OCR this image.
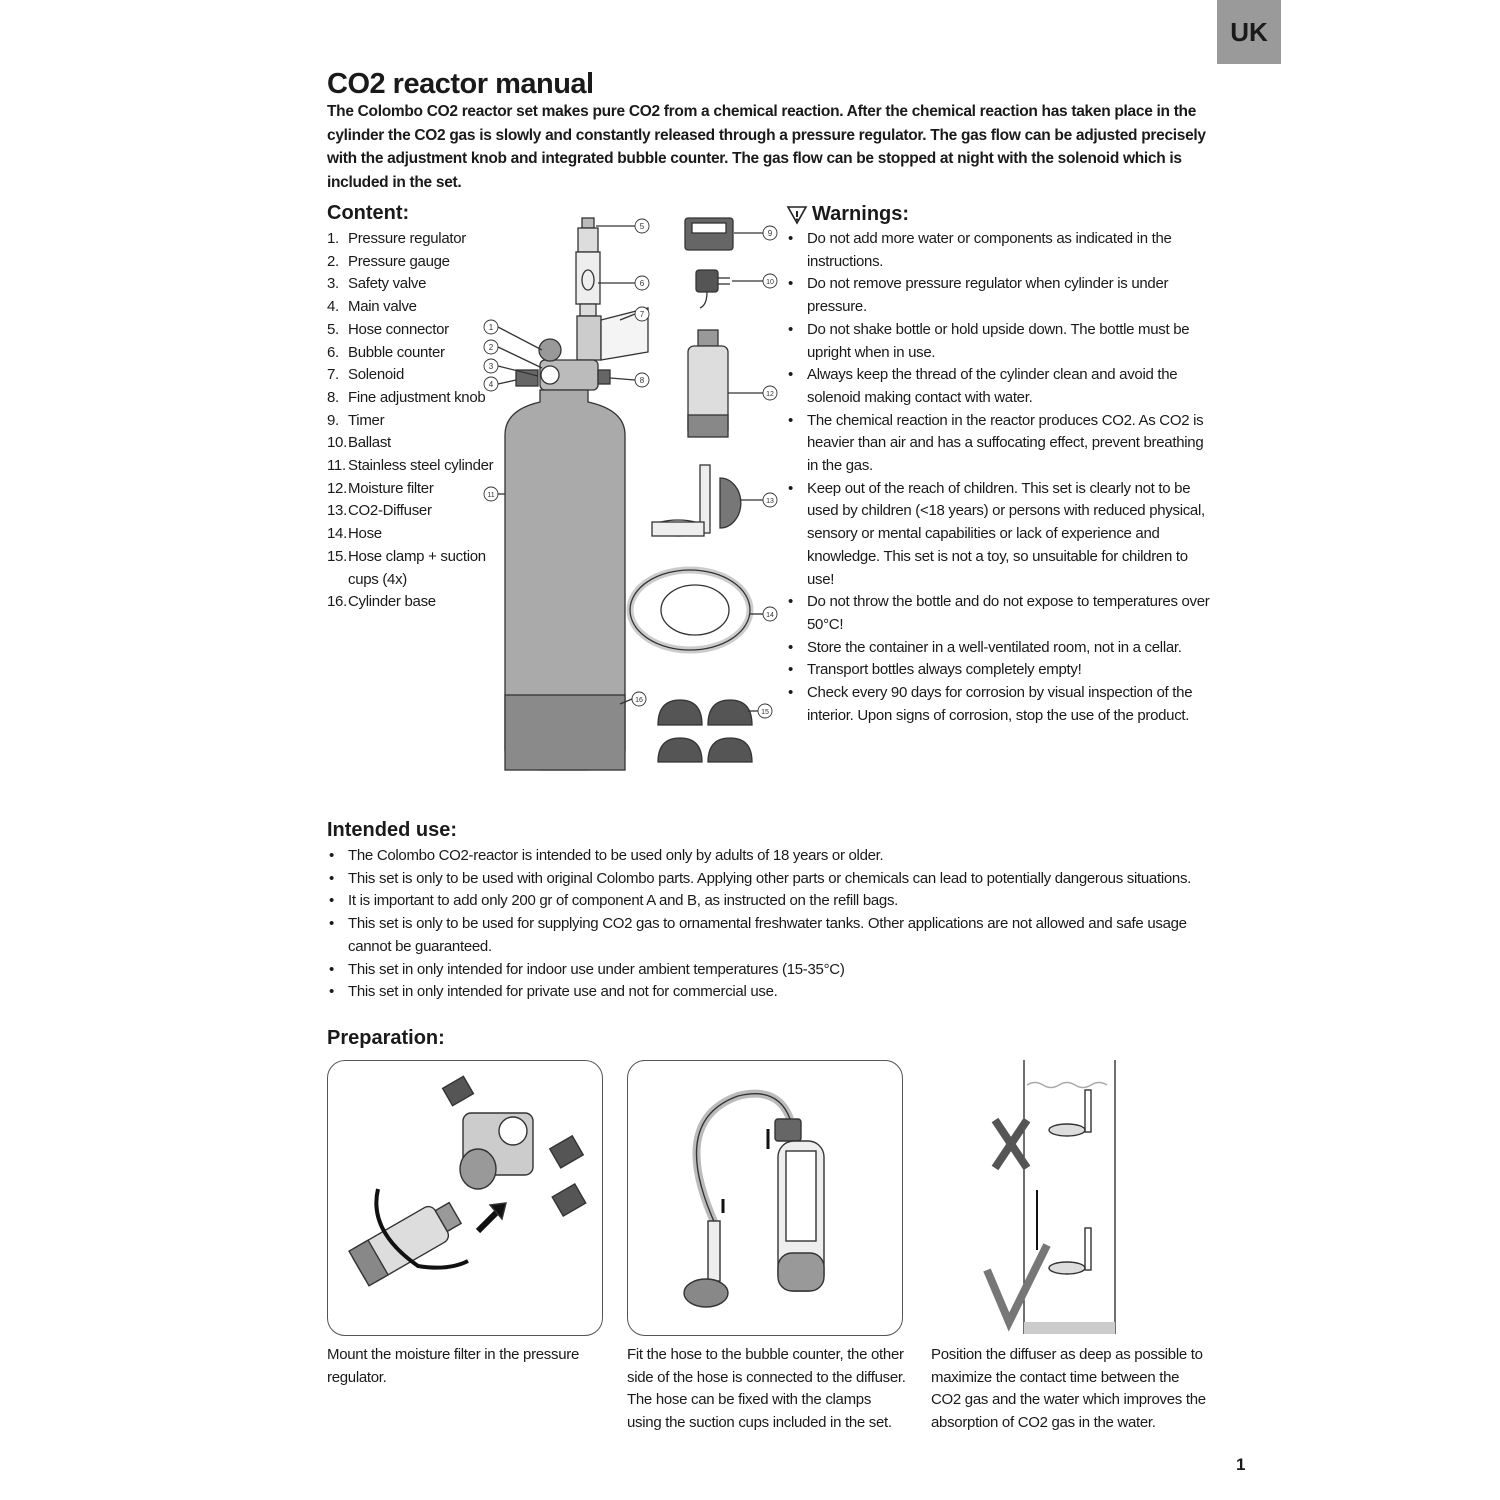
UK
CO2 reactor manual

The Colombo CO2 reactor set makes pure CO2 from a chemical reaction. After the chemical reaction has taken place in the cylinder the CO2 gas is slowly and constantly released through a pressure regulator. The gas flow can be adjusted precisely with the adjustment knob and integrated bubble counter. The gas flow can be stopped at night with the solenoid which is included in the set.

Content:
1. Pressure regulator
2. Pressure gauge
3. Safety valve
4. Main valve
5. Hose connector
6. Bubble counter
7. Solenoid
8. Fine adjustment knob
9. Timer
10. Ballast
11. Stainless steel cylinder
12. Moisture filter
13. CO2-Diffuser
14. Hose
15. Hose clamp + suction cups (4x)
16. Cylinder base
1
2
3
4
5
6
7
8
9
10
11
12
13
14
15
16
Warnings:
• Do not add more water or components as indicated in the instructions.
• Do not remove pressure regulator when cylinder is under pressure.
• Do not shake bottle or hold upside down. The bottle must be upright when in use.
• Always keep the thread of the cylinder clean and avoid the solenoid making contact with water.
• The chemical reaction in the reactor produces CO2. As CO2 is heavier than air and has a suffocating effect, prevent breathing in the gas.
• Keep out of the reach of children. This set is clearly not to be used by children (<18 years) or persons with reduced physical, sensory or mental capabilities or lack of experience and knowledge. This set is not a toy, so unsuitable for children to use!
• Do not throw the bottle and do not expose to temperatures over 50°C!
• Store the container in a well-ventilated room, not in a cellar.
• Transport bottles always completely empty!
• Check every 90 days for corrosion by visual inspection of the interior. Upon signs of corrosion, stop the use of the product.
Intended use:
• The Colombo CO2-reactor is intended to be used only by adults of 18 years or older.
• This set is only to be used with original Colombo parts. Applying other parts or chemicals can lead to potentially dangerous situations.
• It is important to add only 200 gr of component A and B, as instructed on the refill bags.
• This set is only to be used for supplying CO2 gas to ornamental freshwater tanks. Other applications are not allowed and safe usage cannot be guaranteed.
• This set in only intended for indoor use under ambient temperatures (15-35°C)
• This set in only intended for private use and not for commercial use.
Preparation:

Mount the moisture filter in the pressure regulator.

Fit the hose to the bubble counter, the other side of the hose is connected to the diffuser. The hose can be fixed with the clamps using the suction cups included in the set.

Position the diffuser as deep as possible to maximize the contact time between the CO2 gas and the water which improves the absorption of CO2 gas in the water.

1
